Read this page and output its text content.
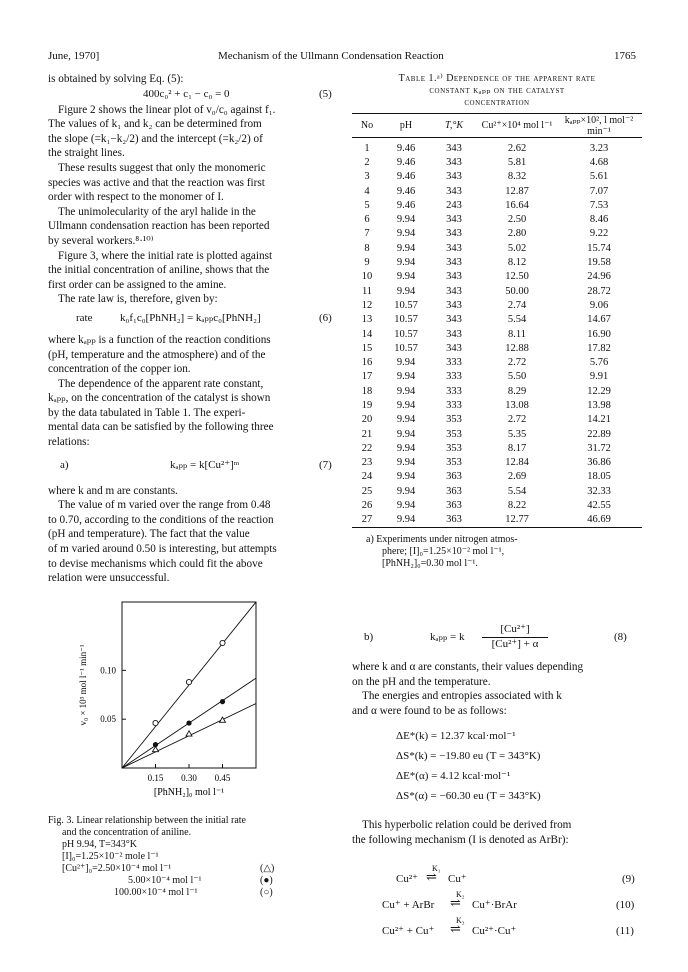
June, 1970]	Mechanism of the Ullmann Condensation Reaction	1765
is obtained by solving Eq. (5):
400c₀² + c₁ − c₀ = 0	(5)
Figure 2 shows the linear plot of v₀/c₀ against f₁.
The values of k₁ and k₂ can be determined from
the slope (=k₁−k₂/2) and the intercept (=k₂/2) of
the straight lines.
These results suggest that only the monomeric
species was active and that the reaction was first
order with respect to the monomer of I.
The unimolecularity of the aryl halide in the
Ullmann condensation reaction has been reported
by several workers.⁸·¹⁰⁾
Figure 3, where the initial rate is plotted against
the initial concentration of aniline, shows that the
first order can be assigned to the amine.
The rate law is, therefore, given by:
rate	k₀f₁c₀[PhNH₂] = kₐₚₚc₀[PhNH₂]	(6)
where kₐₚₚ is a function of the reaction conditions
(pH, temperature and the atmosphere) and of the
concentration of the copper ion.
The dependence of the apparent rate constant,
kₐₚₚ, on the concentration of the catalyst is shown
by the data tabulated in Table 1. The experi-
mental data can be satisfied by the following three
relations:
a)	kₐₚₚ = k[Cu²⁺]ᵐ	(7)
where k and m are constants.
The value of m varied over the range from 0.48
to 0.70, according to the conditions of the reaction
(pH and temperature). The fact that the value
of m varied around 0.50 is interesting, but attempts
to devise mechanisms which could fit the above
relation were unsuccessful.
0.05
0.10
0.15 0.30 0.45
[PhNH₂]₀ mol l⁻¹
v₀ × 10³ mol l⁻¹ min⁻¹
Fig. 3. Linear relationship between the initial rate
and the concentration of aniline.
pH 9.94, T=343°K
[I]₀=1.25×10⁻² mole l⁻¹
[Cu²⁺]₀=2.50×10⁻⁴ mol l⁻¹	(△)
5.00×10⁻⁴ mol l⁻¹	(●)
100.00×10⁻⁴ mol l⁻¹	(○)
Table 1.ᵃ⁾ Dependence of the apparent rate
constant kₐₚₚ on the catalyst
concentration
No	pH	T,°K	Cu²⁺×10⁴ mol l⁻¹	kₐₚₚ×10², l mol⁻² min⁻¹
1	9.46	343	2.62	3.23
2	9.46	343	5.81	4.68
3	9.46	343	8.32	5.61
4	9.46	343	12.87	7.07
5	9.46	243	16.64	7.53
6	9.94	343	2.50	8.46
7	9.94	343	2.80	9.22
8	9.94	343	5.02	15.74
9	9.94	343	8.12	19.58
10	9.94	343	12.50	24.96
11	9.94	343	50.00	28.72
12	10.57	343	2.74	9.06
13	10.57	343	5.54	14.67
14	10.57	343	8.11	16.90
15	10.57	343	12.88	17.82
16	9.94	333	2.72	5.76
17	9.94	333	5.50	9.91
18	9.94	333	8.29	12.29
19	9.94	333	13.08	13.98
20	9.94	353	2.72	14.21
21	9.94	353	5.35	22.89
22	9.94	353	8.17	31.72
23	9.94	353	12.84	36.86
24	9.94	363	2.69	18.05
25	9.94	363	5.54	32.33
26	9.94	363	8.22	42.55
27	9.94	363	12.77	46.69
a) Experiments under nitrogen atmos-
phere; [I]₀=1.25×10⁻² mol l⁻¹,
[PhNH₂]₀=0.30 mol l⁻¹.
b)	kₐₚₚ = k
[Cu²⁺]
[Cu²⁺] + α
(8)
where k and α are constants, their values depending
on the pH and the temperature.
The energies and entropies associated with k
and α were found to be as follows:
ΔE*(k) = 12.37 kcal·mol⁻¹
ΔS*(k) = −19.80 eu (T = 343°K)
ΔE*(α) = 4.12 kcal·mol⁻¹
ΔS*(α) = −60.30 eu (T = 343°K)
This hyperbolic relation could be derived from
the following mechanism (I is denoted as ArBr):
Cu²⁺
K₁
⇌ Cu⁺	(9)
Cu⁺ + ArBr
K₂
⇌ Cu⁺·BrAr	(10)
Cu²⁺ + Cu⁺
K₃
⇌ Cu²⁺·Cu⁺	(11)
